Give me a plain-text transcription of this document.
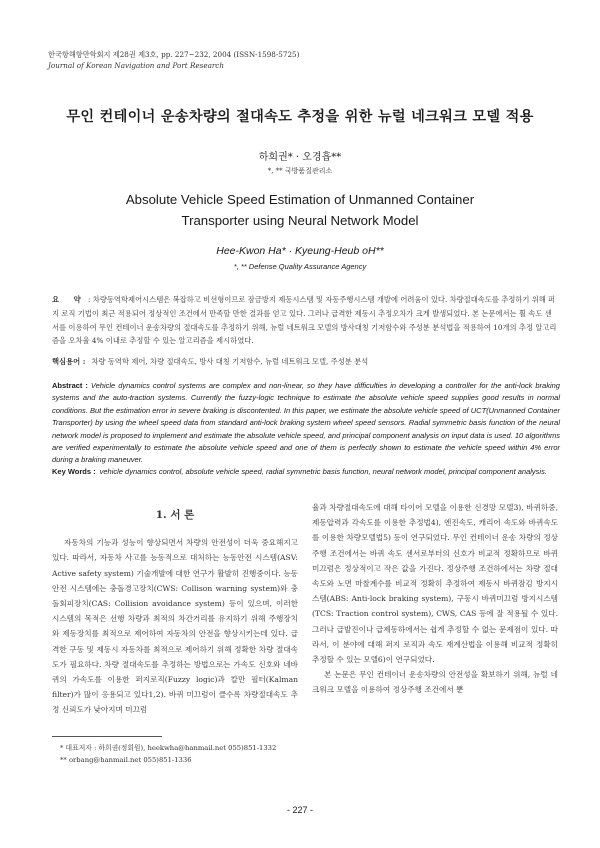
한국항해항만학회지 제28권 제3호, pp. 227~232, 2004 (ISSN-1598-5725)
Journal of Korean Navigation and Port Research
무인 컨테이너 운송차량의 절대속도 추정을 위한 뉴럴 네크워크 모델 적용
하희권* · 오경흡**
*, ** 국방품질관리소
Absolute Vehicle Speed Estimation of Unmanned Container
Transporter using Neural Network Model
Hee-Kwon Ha* · Kyeung-Heub oH**
*, ** Defense Quality Assurance Agency
요 약: 차량동역학제어시스템은 복잡하고 비선형이므로 잠금방지 제동시스템 및 자동주행시스템 개발에 어려움이 있다. 차량절대속도를 추정하기 위해 퍼지 로직 기법이 최근 적용되어 정상적인 조건에서 만족할 만한 결과를 얻고 있다. 그러나 급격한 제동시 추정오차가 크게 발생되었다. 본 논문에서는 휠 속도 센서를 이용하여 무인 컨테이너 운송차량의 절대속도를 추정하기 위해, 뉴럴 네트워크 모델의 방사대칭 기저함수와 주성분 분석법을 적용하여 10개의 추정 알고리즘을 오차율 4% 이내로 추정할 수 있는 알고리즘을 제시하였다.
핵심용어 : 차량 동역학 제어, 차량 절대속도, 방사 대칭 기저함수, 뉴럴 네트워크 모델, 주성분 분석
Abstract : Vehicle dynamics control systems are complex and non-linear, so they have difficulties in developing a controller for the anti-lock braking systems and the auto-traction systems. Currently the fuzzy-logic technique to estimate the absolute vehicle speed supplies good results in normal conditions. But the estimation error in severe braking is discontented. In this paper, we estimate the absolute vehicle speed of UCT(Unmanned Container Transporter) by using the wheel speed data from standard anti-lock braking system wheel speed sensors. Radial symmetric basis function of the neural network model is proposed to implement and estimate the absolute vehicle speed, and principal component analysis on input data is used. 10 algorithms are verified experimentally to estimate the absolute vehicle speed and one of them is perfectly shown to estimate the vehicle speed within 4% error during a braking maneuver.
Key Words : vehicle dynamics control, absolute vehicle speed, radial symmetric basis function, neural network model, principal component analysis.
1. 서 론

자동차의 기능과 성능이 향상되면서 차량의 안전성이 더욱 중요해지고 있다. 따라서, 자동차 사고를 능동적으로 대처하는 능동안전 시스템(ASV: Active safety system) 기술개발에 대한 연구가 활발히 진행중이다. 능동안전 시스템에는 충돌경고장치(CWS: Collison warning system)와 충돌회피장치(CAS: Collision avoidance system) 등이 있으며, 이러한 시스템의 목적은 선행 차량과 최적의 차간거리를 유지하기 위해 주행장치와 제동장치를 최적으로 제어하여 자동차의 안전을 향상시키는데 있다. 급격한 구동 및 제동시 자동차를 최적으로 제어하기 위해 정확한 차량 절대속도가 필요하다. 차량 절대속도를 추정하는 방법으로는 가속도 신호와 네바퀴의 가속도를 이용한 퍼지로직(Fuzzy logic)과 칼만 필터(Kalman filter)가 많이 응용되고 있다1,2). 바퀴 미끄럼이 클수록 차량절대속도 추정 신뢰도가 낮아지며 미끄럼

율과 차량절대속도에 대해 타이어 모델을 이용한 신경망 모델3), 바퀴하중, 제동압력과 각속도를 이용한 추정법4), 엔진속도, 캐리어 속도와 바퀴속도를 이용한 차량모델법5) 등이 연구되었다. 무인 컨테이너 운송 차량의 정상주행 조건에서는 바퀴 속도 센서로부터의 신호가 비교적 정확하므로 바퀴 미끄럼은 정상적이고 작은 값을 가진다. 정상주행 조건하에서는 차량 절대속도와 노면 마찰계수를 비교적 정확히 추정하여 제동시 바퀴잠김 방지시스템(ABS: Anti-lock braking system), 구동시 바퀴미끄럼 방지시스템(TCS: Traction control system), CWS, CAS 등에 잘 적용될 수 있다. 그러나 급발진이나 급제동하에서는 쉽게 추정할 수 없는 문제점이 있다. 따라서, 이 분야에 대해 퍼지 로직과 속도 재계산법을 이용해 비교적 정확히 추정할 수 있는 모델6)이 연구되었다.

본 논문은 무인 컨테이너 운송차량의 안전성을 확보하기 위해, 뉴럴 네크워크 모델을 이용하여 정상주행 조건에서 뿐

* 대표저자 : 하희권(정회원), heekwha@hanmail.net 055)851-1332
** orbang@hanmail.net 055)851-1336
- 227 -
